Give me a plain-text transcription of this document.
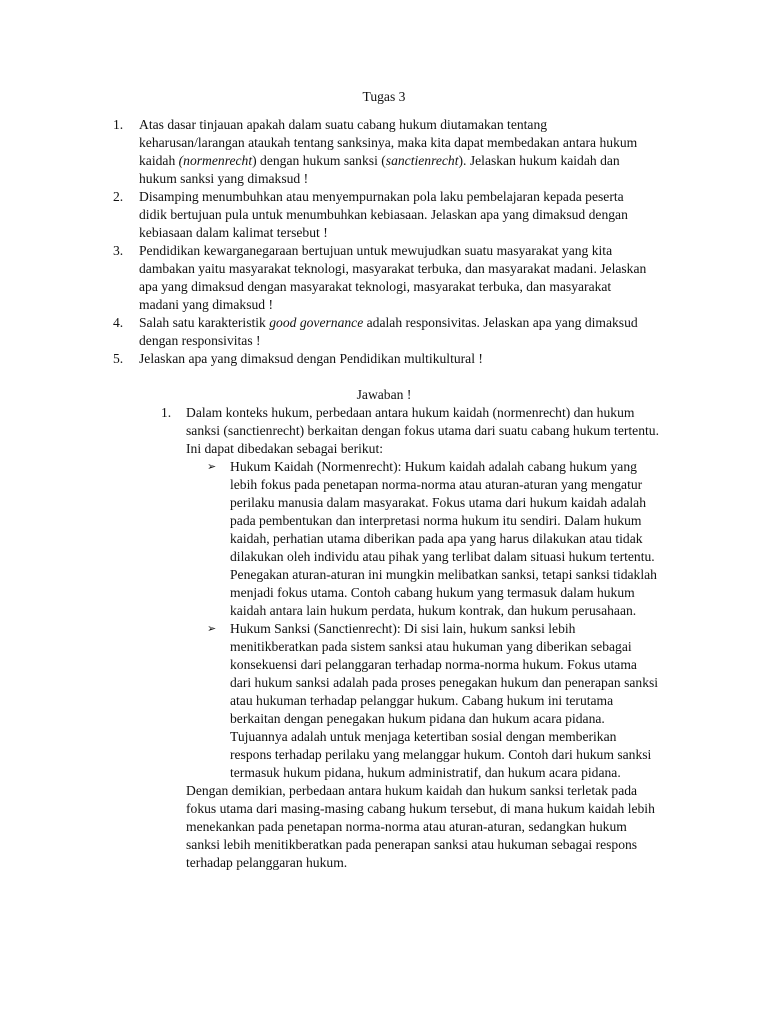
Tugas 3
1. Atas dasar tinjauan apakah dalam suatu cabang hukum diutamakan tentang keharusan/larangan ataukah tentang sanksinya, maka kita dapat membedakan antara hukum kaidah (normenrecht) dengan hukum sanksi (sanctienrecht). Jelaskan hukum kaidah dan hukum sanksi yang dimaksud !
2. Disamping menumbuhkan atau menyempurnakan pola laku pembelajaran kepada peserta didik bertujuan pula untuk menumbuhkan kebiasaan. Jelaskan apa yang dimaksud dengan kebiasaan dalam kalimat tersebut !
3. Pendidikan kewarganegaraan bertujuan untuk mewujudkan suatu masyarakat yang kita dambakan yaitu masyarakat teknologi, masyarakat terbuka, dan masyarakat madani. Jelaskan apa yang dimaksud dengan masyarakat teknologi, masyarakat terbuka, dan masyarakat madani yang dimaksud !
4. Salah satu karakteristik good governance adalah responsivitas. Jelaskan apa yang dimaksud dengan responsivitas !
5. Jelaskan apa yang dimaksud dengan Pendidikan multikultural !
Jawaban !
1. Dalam konteks hukum, perbedaan antara hukum kaidah (normenrecht) dan hukum sanksi (sanctienrecht) berkaitan dengan fokus utama dari suatu cabang hukum tertentu. Ini dapat dibedakan sebagai berikut:
➢ Hukum Kaidah (Normenrecht): Hukum kaidah adalah cabang hukum yang lebih fokus pada penetapan norma-norma atau aturan-aturan yang mengatur perilaku manusia dalam masyarakat. Fokus utama dari hukum kaidah adalah pada pembentukan dan interpretasi norma hukum itu sendiri. Dalam hukum kaidah, perhatian utama diberikan pada apa yang harus dilakukan atau tidak dilakukan oleh individu atau pihak yang terlibat dalam situasi hukum tertentu. Penegakan aturan-aturan ini mungkin melibatkan sanksi, tetapi sanksi tidaklah menjadi fokus utama. Contoh cabang hukum yang termasuk dalam hukum kaidah antara lain hukum perdata, hukum kontrak, dan hukum perusahaan.
➢ Hukum Sanksi (Sanctienrecht): Di sisi lain, hukum sanksi lebih menitikberatkan pada sistem sanksi atau hukuman yang diberikan sebagai konsekuensi dari pelanggaran terhadap norma-norma hukum. Fokus utama dari hukum sanksi adalah pada proses penegakan hukum dan penerapan sanksi atau hukuman terhadap pelanggar hukum. Cabang hukum ini terutama berkaitan dengan penegakan hukum pidana dan hukum acara pidana. Tujuannya adalah untuk menjaga ketertiban sosial dengan memberikan respons terhadap perilaku yang melanggar hukum. Contoh dari hukum sanksi termasuk hukum pidana, hukum administratif, dan hukum acara pidana.
Dengan demikian, perbedaan antara hukum kaidah dan hukum sanksi terletak pada fokus utama dari masing-masing cabang hukum tersebut, di mana hukum kaidah lebih menekankan pada penetapan norma-norma atau aturan-aturan, sedangkan hukum sanksi lebih menitikberatkan pada penerapan sanksi atau hukuman sebagai respons terhadap pelanggaran hukum.
